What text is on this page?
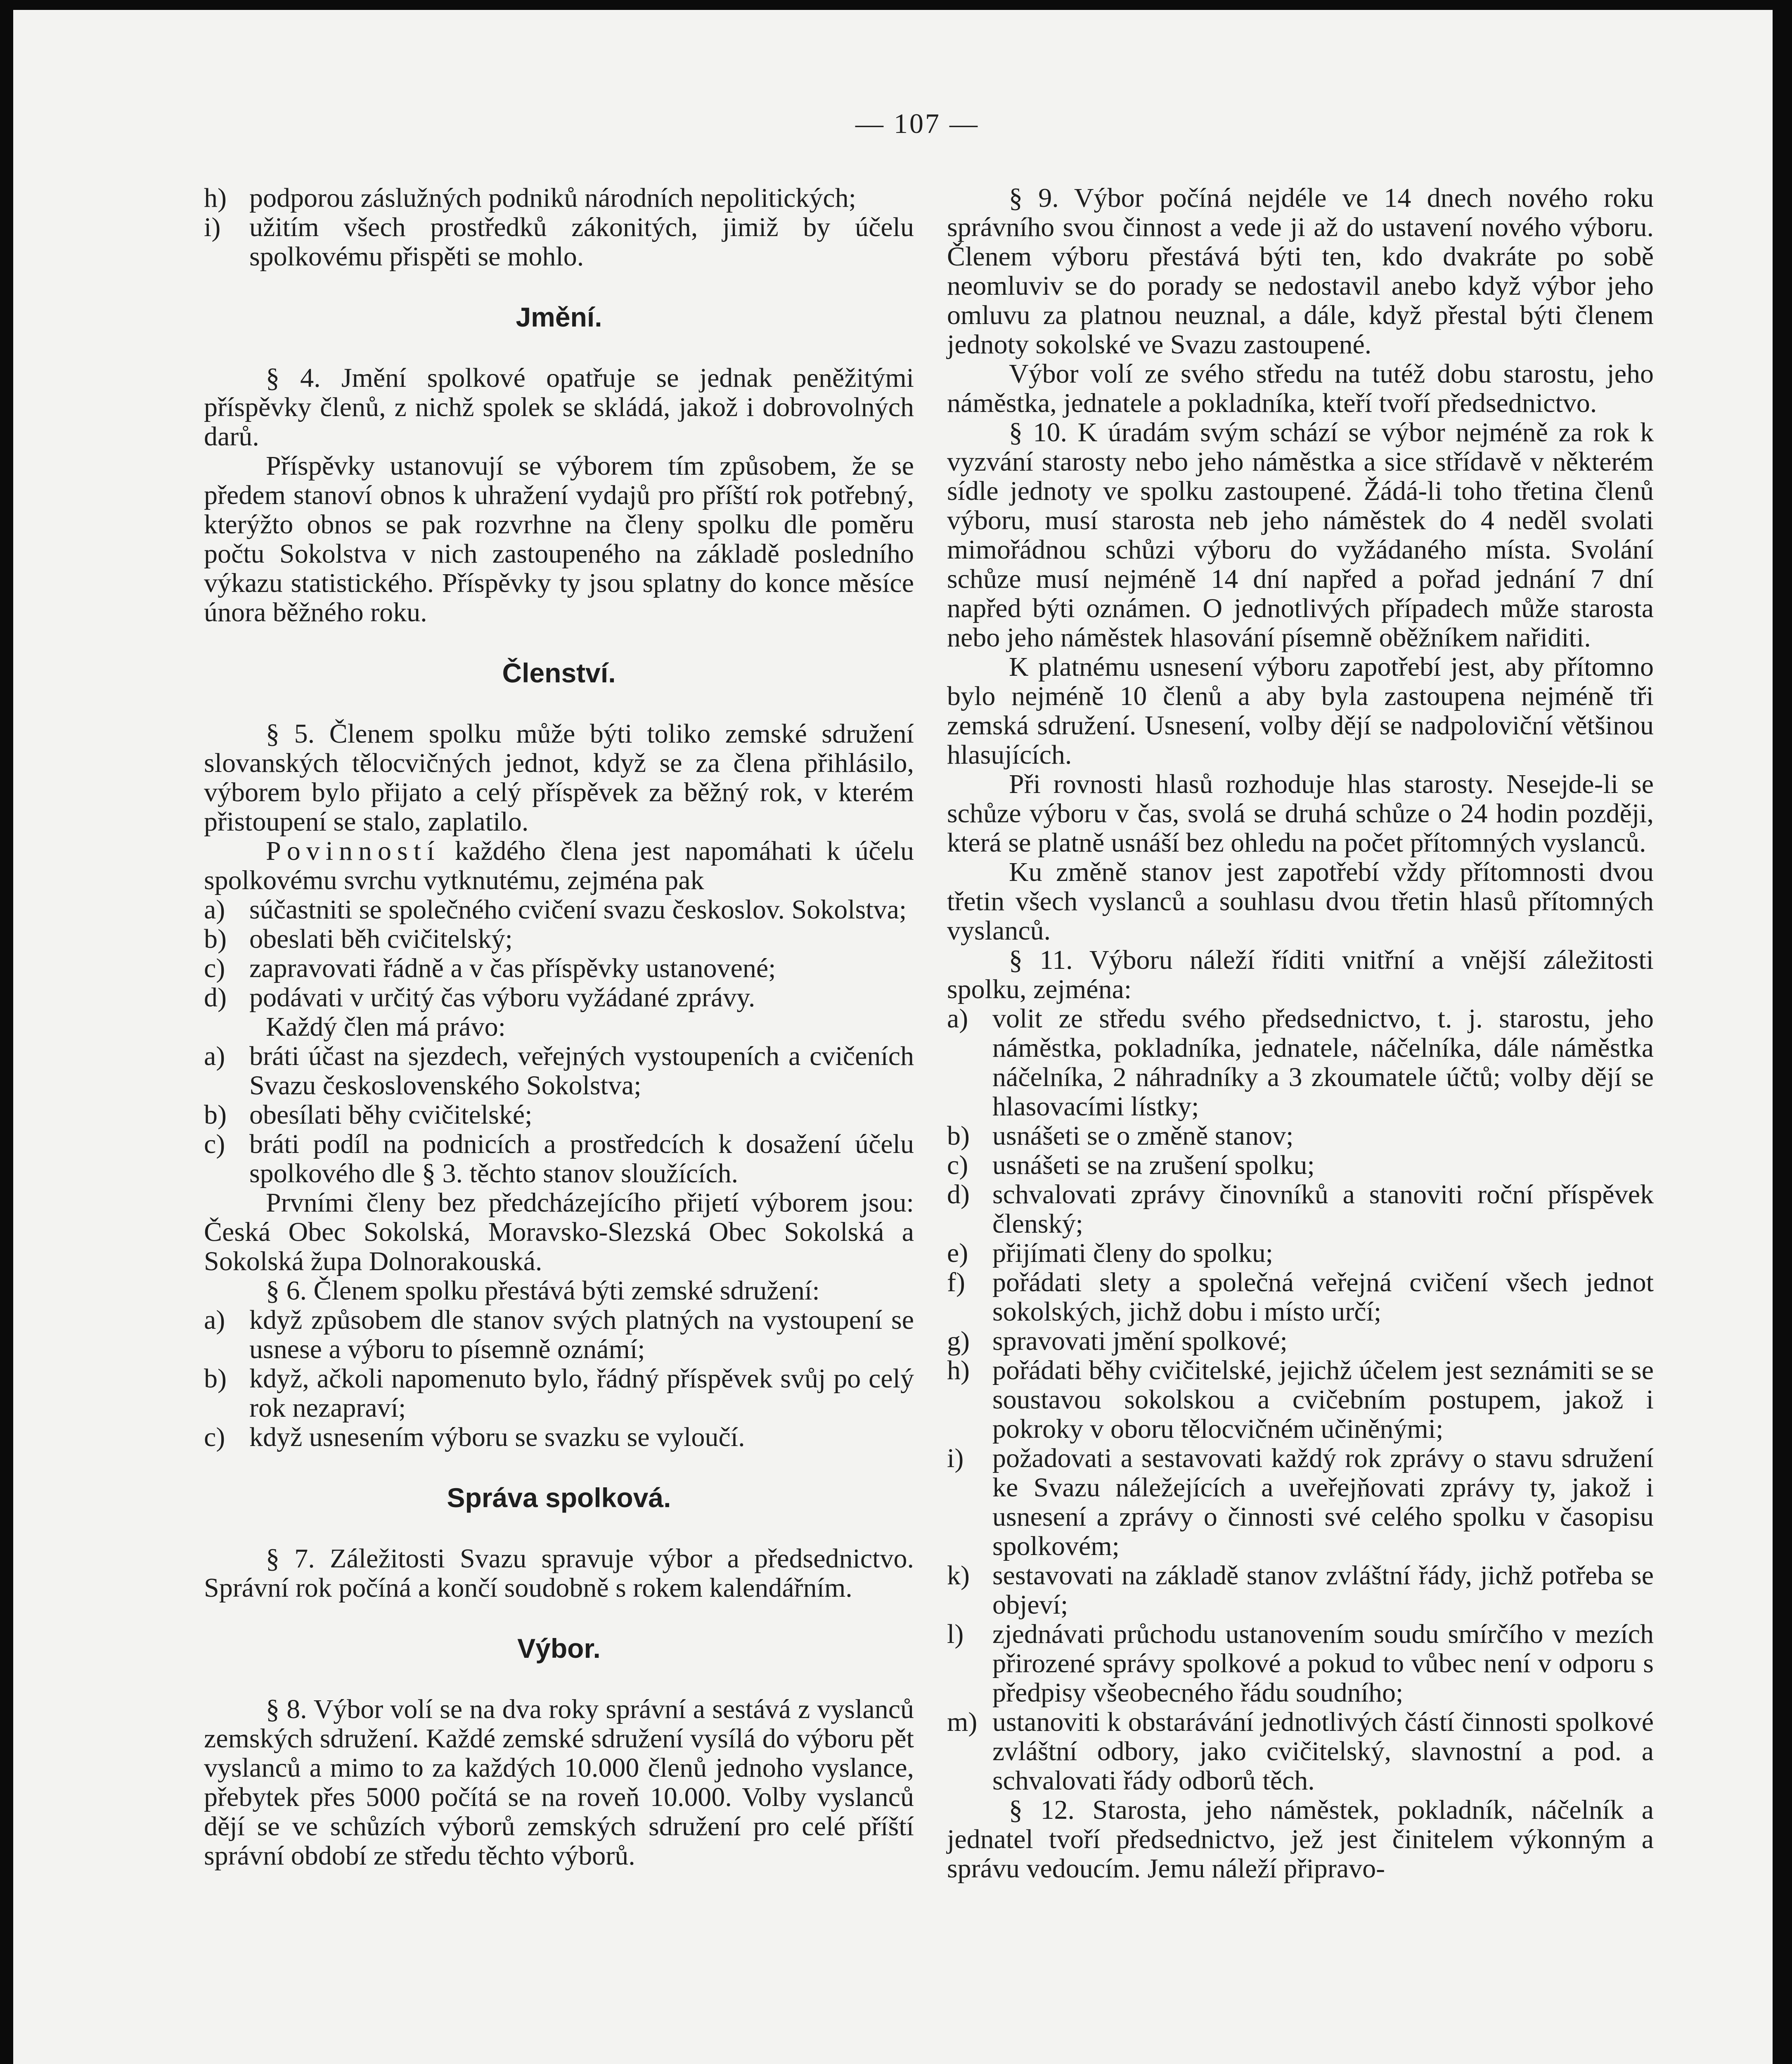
— 107 —
h) podporou záslužných podniků národních nepolitických;
i)	užitím všech prostředků zákonitých, jimiž by účelu spolkovému přispěti se mohlo.
Jmění.

§ 4. Jmění spolkové opatřuje se jednak peněžitými příspěvky členů, z nichž spolek se skládá, jakož i dobrovolných darů.

Příspěvky ustanovují se výborem tím způsobem, že se předem stanoví obnos k uhražení vydajů pro příští rok potřebný, kterýžto obnos se pak rozvrhne na členy spolku dle poměru počtu Sokolstva v nich zastoupeného na základě posledního výkazu statistického. Příspěvky ty jsou splatny do konce měsíce února běžného roku.

Členství.

§ 5. Členem spolku může býti toliko zemské sdružení slovanských tělocvičných jednot, když se za člena přihlásilo, výborem bylo přijato a celý příspěvek za běžný rok, v kterém přistoupení se stalo, zaplatilo.

Povinností každého člena jest napomáhati k účelu spolkovému svrchu vytknutému, zejména pak

a) súčastniti se společného cvičení svazu českoslov. Sokolstva;
b) obeslati běh cvičitelský;
c) zapravovati řádně a v čas příspěvky ustanovené;
d) podávati v určitý čas výboru vyžádané zprávy.

Každý člen má právo:

a) bráti účast na sjezdech, veřejných vystoupeních a cvičeních Svazu československého Sokolstva;
b) obesílati běhy cvičitelské;
c) bráti podíl na podnicích a prostředcích k dosažení účelu spolkového dle § 3. těchto stanov sloužících.

Prvními členy bez předcházejícího přijetí výborem jsou: Česká Obec Sokolská, Moravsko-Slezská Obec Sokolská a Sokolská župa Dolnorakouská.

§ 6. Členem spolku přestává býti zemské sdružení:

a) když způsobem dle stanov svých platných na vystoupení se usnese a výboru to písemně oznámí;
b) když, ačkoli napomenuto bylo, řádný příspěvek svůj po celý rok nezapraví;
c) když usnesením výboru se svazku se vyloučí.
Správa spolková.

§ 7. Záležitosti Svazu spravuje výbor a předsednictvo. Správní rok počíná a končí soudobně s rokem kalendářním.

Výbor.

§ 8. Výbor volí se na dva roky správní a sestává z vyslanců zemských sdružení. Každé zemské sdružení vysílá do výboru pět vyslanců a mimo to za každých 10.000 členů jednoho vyslance, přebytek přes 5000 počítá se na roveň 10.000. Volby vyslanců dějí se ve schůzích výborů zemských sdružení pro celé příští správní období ze středu těchto výborů.

§ 9. Výbor počíná nejdéle ve 14 dnech nového roku správního svou činnost a vede ji až do ustavení nového výboru. Členem výboru přestává býti ten, kdo dvakráte po sobě neomluviv se do porady se nedostavil anebo když výbor jeho omluvu za platnou neuznal, a dále, když přestal býti členem jednoty sokolské ve Svazu zastoupené.

Výbor volí ze svého středu na tutéž dobu starostu, jeho náměstka, jednatele a pokladníka, kteří tvoří předsednictvo.

§ 10. K úradám svým schází se výbor nejméně za rok k vyzvání starosty nebo jeho náměstka a sice střídavě v některém sídle jednoty ve spolku zastoupené. Žádá-li toho třetina členů výboru, musí starosta neb jeho náměstek do 4 neděl svolati mimořádnou schůzi výboru do vyžádaného místa. Svolání schůze musí nejméně 14 dní napřed a pořad jednání 7 dní napřed býti oznámen. O jednotlivých případech může starosta nebo jeho náměstek hlasování písemně oběžníkem nařiditi.

K platnému usnesení výboru zapotřebí jest, aby přítomno bylo nejméně 10 členů a aby byla zastoupena nejméně tři zemská sdružení. Usnesení, volby dějí se nadpoloviční většinou hlasujících.

Při rovnosti hlasů rozhoduje hlas starosty. Nesejde-li se schůze výboru v čas, svolá se druhá schůze o 24 hodin později, která se platně usnáší bez ohledu na počet přítomných vyslanců.

Ku změně stanov jest zapotřebí vždy přítomnosti dvou třetin všech vyslanců a souhlasu dvou třetin hlasů přítomných vyslanců.

§ 11. Výboru náleží říditi vnitřní a vnější záležitosti spolku, zejména:

a) volit ze středu svého předsednictvo, t. j. starostu, jeho náměstka, pokladníka, jednatele, náčelníka, dále náměstka náčelníka, 2 náhradníky a 3 zkoumatele účtů; volby dějí se hlasovacími lístky;
b) usnášeti se o změně stanov;
c) usnášeti se na zrušení spolku;
d) schvalovati zprávy činovníků a stanoviti roční příspěvek členský;
e) přijímati členy do spolku;
f)	pořádati slety a společná veřejná cvičení všech jednot sokolských, jichž dobu i místo určí;
g) spravovati jmění spolkové;
h) pořádati běhy cvičitelské, jejichž účelem jest seznámiti se se soustavou sokolskou a cvičebním postupem, jakož i pokroky v oboru tělocvičném učiněnými;
i)	požadovati a sestavovati každý rok zprávy o stavu sdružení ke Svazu náležejících a uveřejňovati zprávy ty, jakož i usnesení a zprávy o činnosti své celého spolku v časopisu spolkovém;
k) sestavovati na základě stanov zvláštní řády, jichž potřeba se objeví;
l)	zjednávati průchodu ustanovením soudu smírčího v mezích přirozené správy spolkové a pokud to vůbec není v odporu s předpisy všeobecného řádu soudního;
m) ustanoviti k obstarávání jednotlivých částí činnosti spolkové zvláštní odbory, jako cvičitelský, slavnostní a pod. a schvalovati řády odborů těch.

§ 12. Starosta, jeho náměstek, pokladník, náčelník a jednatel tvoří předsednictvo, jež jest činitelem výkonným a správu vedoucím. Jemu náleží připravo-
